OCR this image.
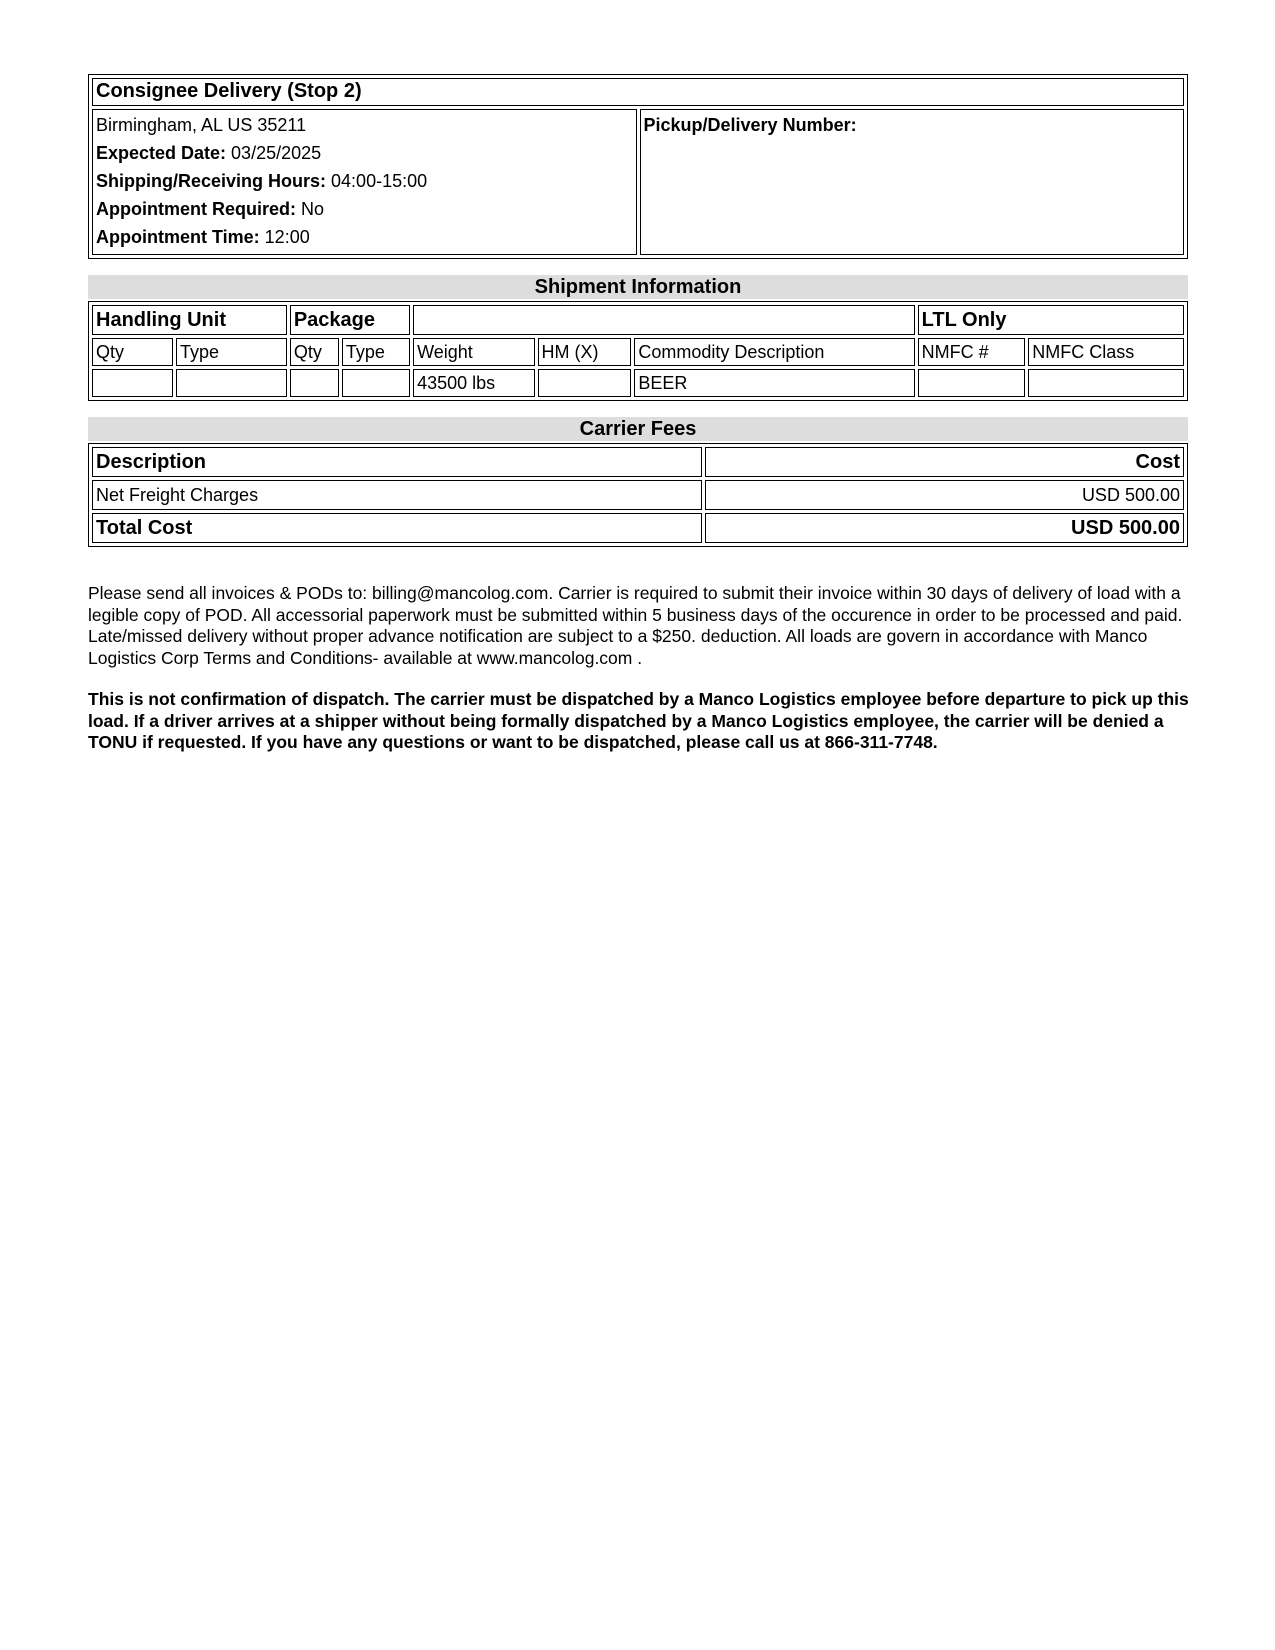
Consignee Delivery (Stop 2)

Birmingham, AL US 35211
Expected Date: 03/25/2025
Shipping/Receiving Hours: 04:00-15:00
Appointment Required: No
Appointment Time: 12:00
	Pickup/Delivery Number:
Shipment Information
Handling Unit		Package					LTL Only	
Qty	Type	Qty	Type	Weight	HM (X)	Commodity Description	NMFC #	NMFC Class
				43500 lbs		BEER		
Carrier Fees
Description	Cost
Net Freight Charges	USD 500.00
Total Cost	USD 500.00

Please send all invoices & PODs to: billing@mancolog.com. Carrier is required to submit their invoice within 30 days of delivery of load with a legible copy of POD. All accessorial paperwork must be submitted within 5 business days of the occurence in order to be processed and paid.

Late/missed delivery without proper advance notification are subject to a $250. deduction. All loads are govern in accordance with Manco Logistics Corp Terms and Conditions- available at www.mancolog.com .

This is not confirmation of dispatch. The carrier must be dispatched by a Manco Logistics employee before departure to pick up this load. If a driver arrives at a shipper without being formally dispatched by a Manco Logistics employee, the carrier will be denied a TONU if requested. If you have any questions or want to be dispatched, please call us at 866-311-7748.
